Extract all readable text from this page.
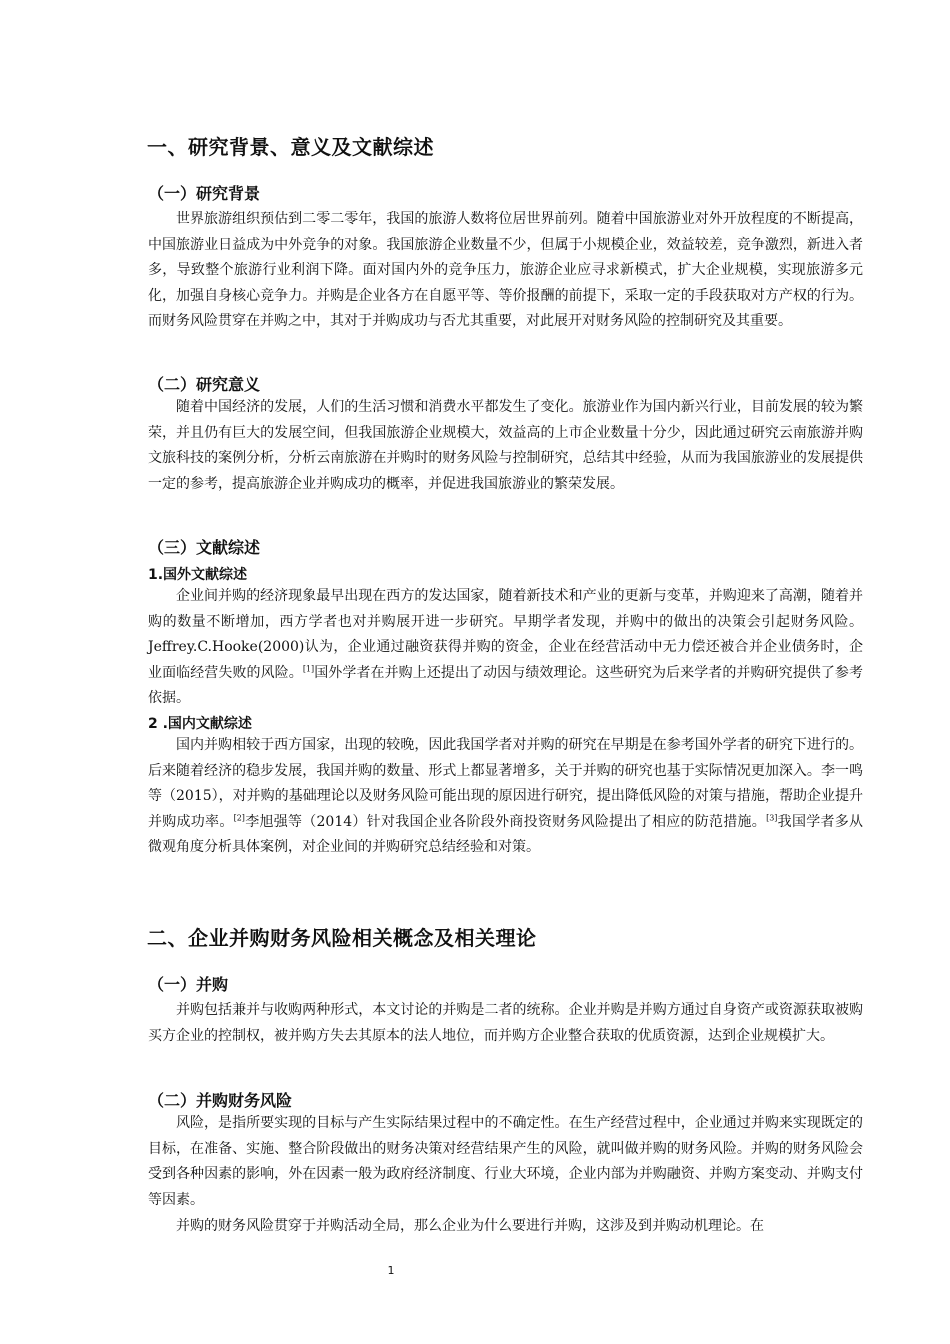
一、研究背景、意义及文献综述
（一）研究背景

世界旅游组织预估到二零二零年，我国的旅游人数将位居世界前列。随着中国旅游业对外开放程度的不断提高，中国旅游业日益成为中外竞争的对象。我国旅游企业数量不少，但属于小规模企业，效益较差，竞争激烈，新进入者多，导致整个旅游行业利润下降。面对国内外的竞争压力，旅游企业应寻求新模式，扩大企业规模，实现旅游多元化，加强自身核心竞争力。并购是企业各方在自愿平等、等价报酬的前提下，采取一定的手段获取对方产权的行为。而财务风险贯穿在并购之中，其对于并购成功与否尤其重要，对此展开对财务风险的控制研究及其重要。

（二）研究意义

随着中国经济的发展，人们的生活习惯和消费水平都发生了变化。旅游业作为国内新兴行业，目前发展的较为繁荣，并且仍有巨大的发展空间，但我国旅游企业规模大，效益高的上市企业数量十分少，因此通过研究云南旅游并购文旅科技的案例分析，分析云南旅游在并购时的财务风险与控制研究，总结其中经验，从而为我国旅游业的发展提供一定的参考，提高旅游企业并购成功的概率，并促进我国旅游业的繁荣发展。

（三）文献综述
1.国外文献综述

企业间并购的经济现象最早出现在西方的发达国家，随着新技术和产业的更新与变革，并购迎来了高潮，随着并购的数量不断增加，西方学者也对并购展开进一步研究。早期学者发现，并购中的做出的决策会引起财务风险。Jeffrey.C.Hooke(2000)认为，企业通过融资获得并购的资金，企业在经营活动中无力偿还被合并企业债务时，企业面临经营失败的风险。[1]国外学者在并购上还提出了动因与绩效理论。这些研究为后来学者的并购研究提供了参考依据。

2 .国内文献综述

国内并购相较于西方国家，出现的较晚，因此我国学者对并购的研究在早期是在参考国外学者的研究下进行的。后来随着经济的稳步发展，我国并购的数量、形式上都显著增多，关于并购的研究也基于实际情况更加深入。李一鸣等（2015），对并购的基础理论以及财务风险可能出现的原因进行研究，提出降低风险的对策与措施，帮助企业提升并购成功率。[2]李旭强等（2014）针对我国企业各阶段外商投资财务风险提出了相应的防范措施。[3]我国学者多从微观角度分析具体案例，对企业间的并购研究总结经验和对策。

二、企业并购财务风险相关概念及相关理论
（一）并购

并购包括兼并与收购两种形式，本文讨论的并购是二者的统称。企业并购是并购方通过自身资产或资源获取被购买方企业的控制权，被并购方失去其原本的法人地位，而并购方企业整合获取的优质资源，达到企业规模扩大。

（二）并购财务风险

风险，是指所要实现的目标与产生实际结果过程中的不确定性。在生产经营过程中，企业通过并购来实现既定的目标，在准备、实施、整合阶段做出的财务决策对经营结果产生的风险，就叫做并购的财务风险。并购的财务风险会受到各种因素的影响，外在因素一般为政府经济制度、行业大环境，企业内部为并购融资、并购方案变动、并购支付等因素。

并购的财务风险贯穿于并购活动全局，那么企业为什么要进行并购，这涉及到并购动机理论。在

1
